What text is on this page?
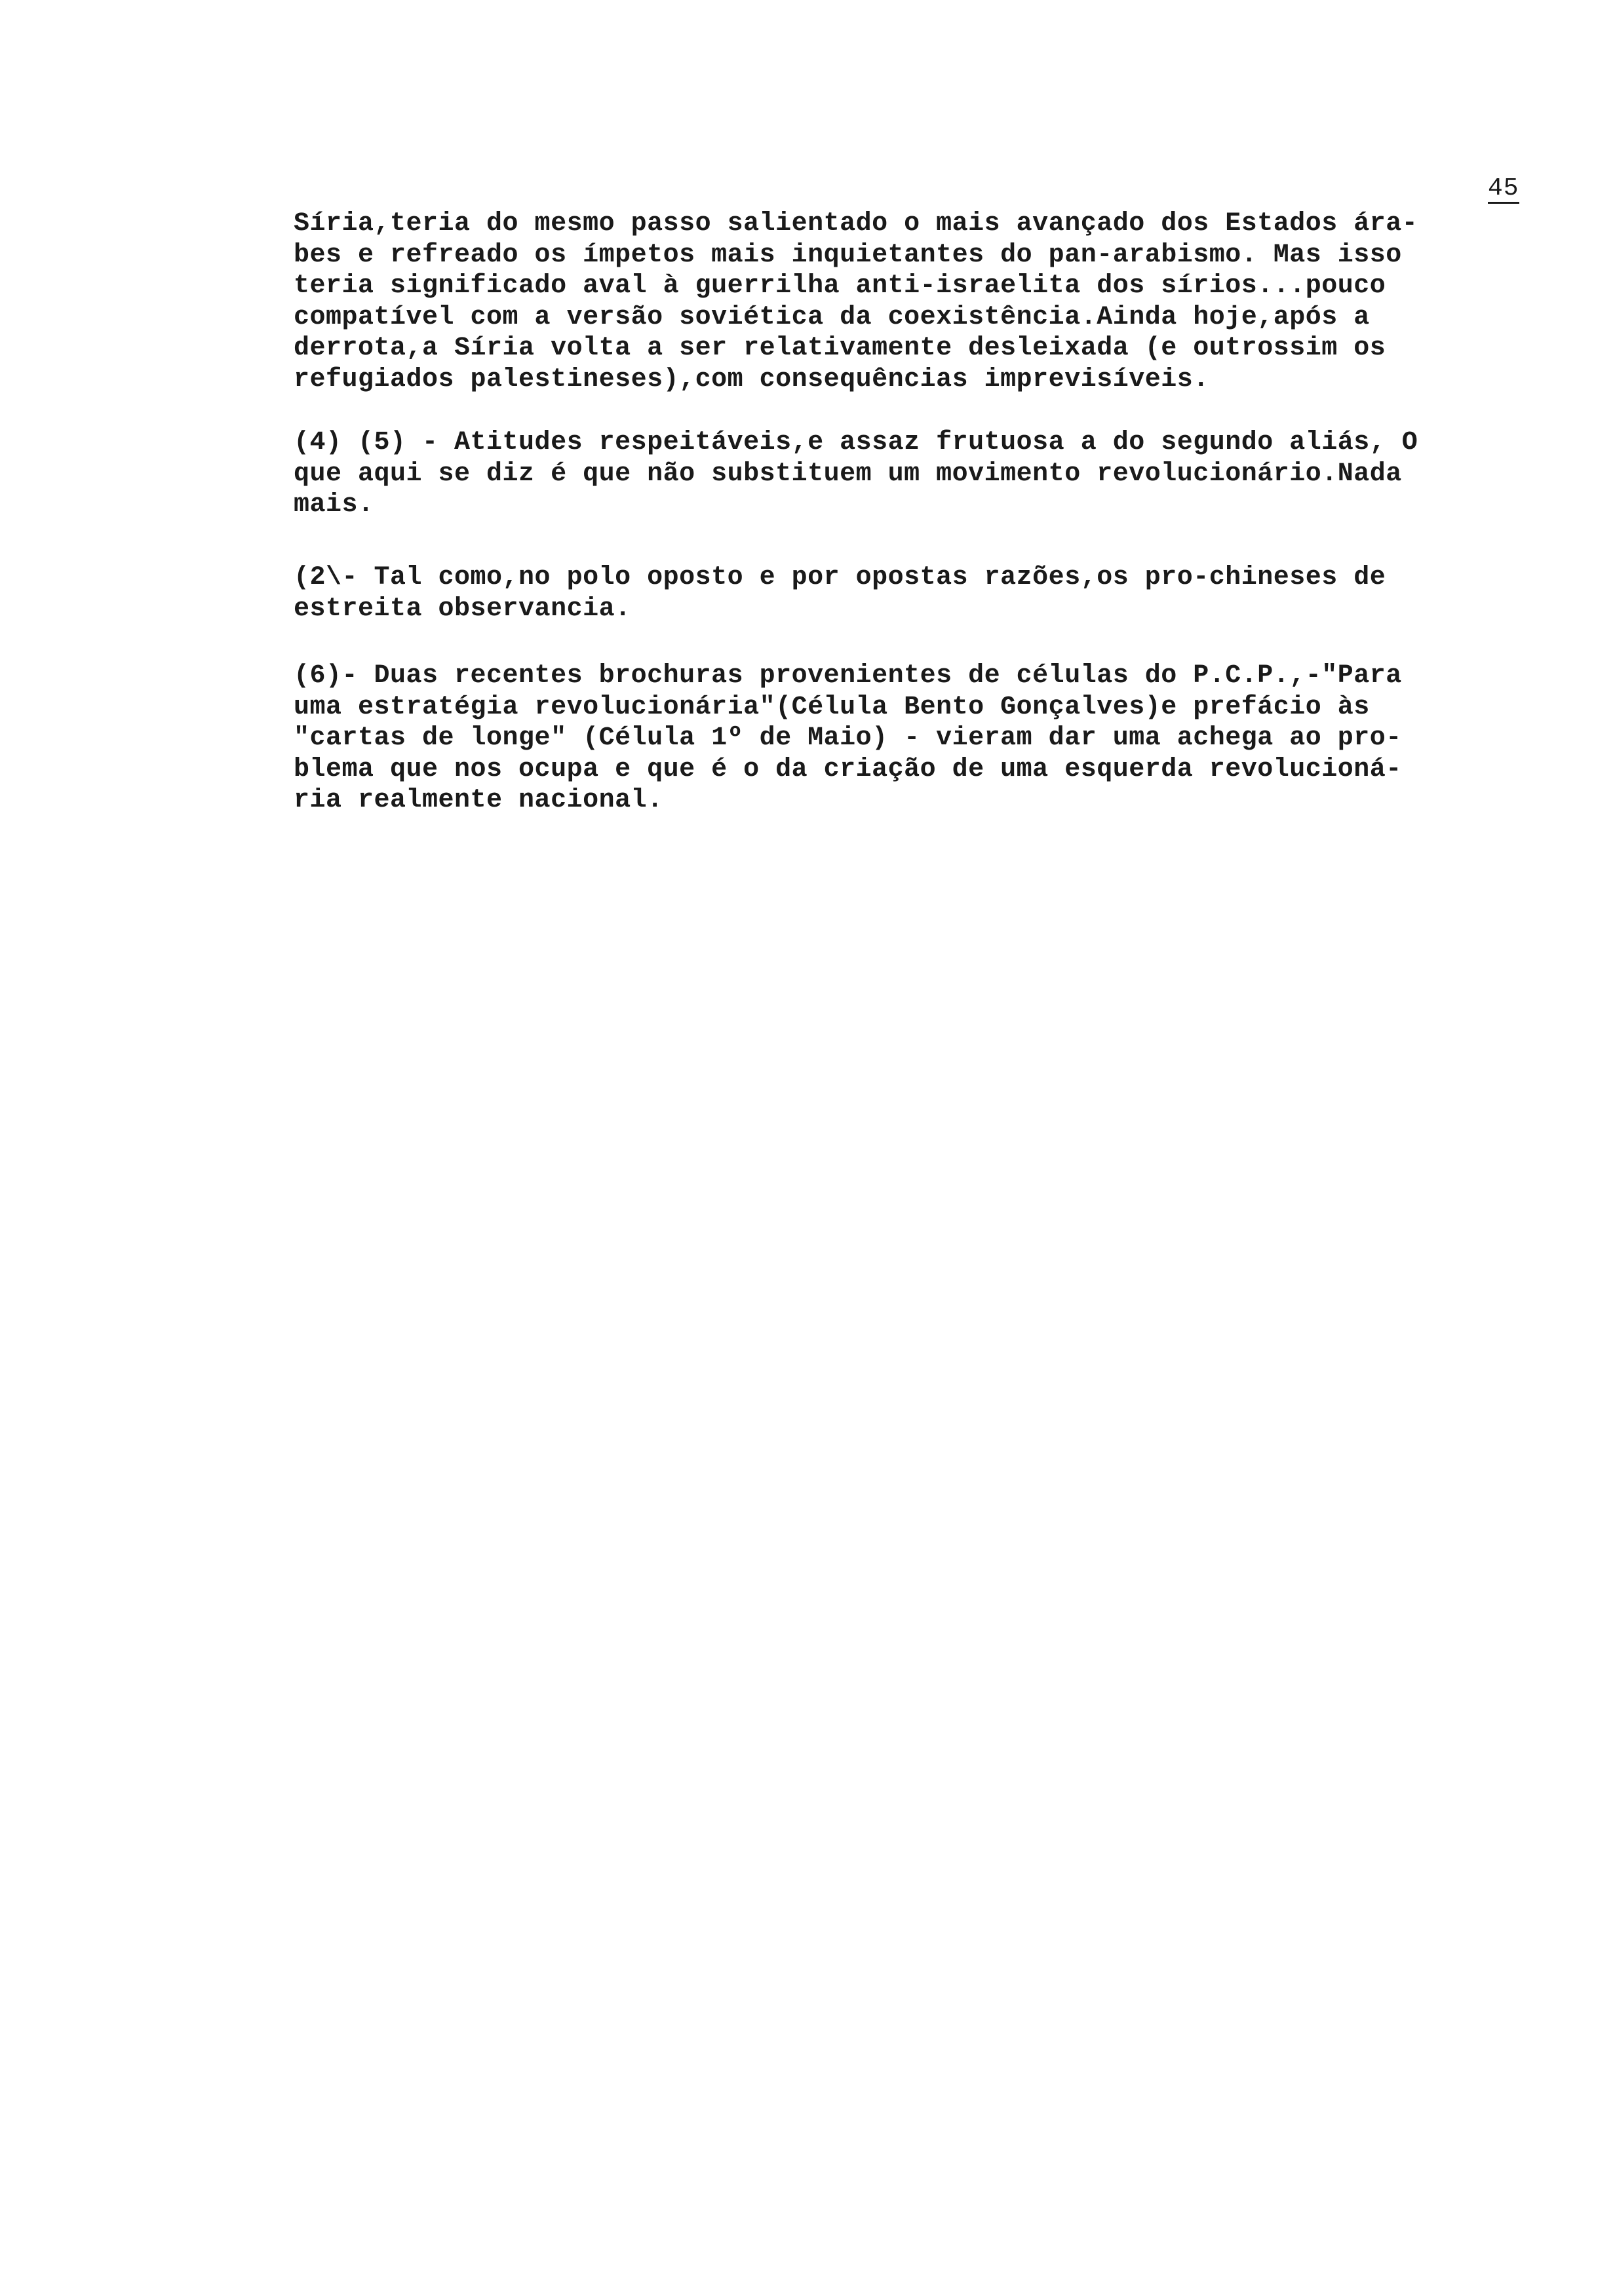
45
Síria,teria do mesmo passo salientado o mais avançado dos Estados ára-
bes e refreado os ímpetos mais inquietantes do pan-arabismo. Mas isso
teria significado aval à guerrilha anti-israelita dos sírios...pouco
compatível com a versão soviética da coexistência.Ainda hoje,após a
derrota,a Síria volta a ser relativamente desleixada (e outrossim os
refugiados palestineses),com consequências imprevisíveis.
(4) (5) - Atitudes respeitáveis,e assaz frutuosa a do segundo aliás, O
que aqui se diz é que não substituem um movimento revolucionário.Nada
mais.
(2\- Tal como,no polo oposto e por opostas razões,os pro-chineses de
estreita observancia.
(6)- Duas recentes brochuras provenientes de células do P.C.P.,-"Para
uma estratégia revolucionária"(Célula Bento Gonçalves)e prefácio às
"cartas de longe" (Célula 1º de Maio) - vieram dar uma achega ao pro-
blema que nos ocupa e que é o da criação de uma esquerda revolucioná-
ria realmente nacional.
